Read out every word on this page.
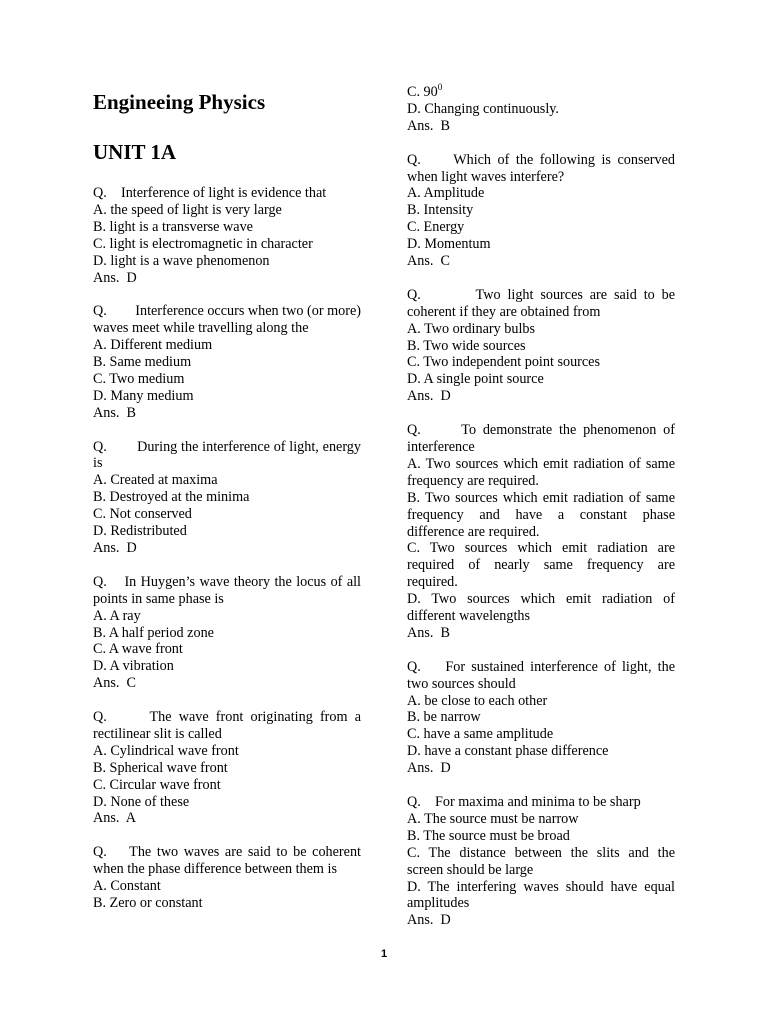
Engineeing Physics
UNIT 1A

Q.    Interference of light is evidence that

A. the speed of light is very large

B. light is a transverse wave

C. light is electromagnetic in character

D. light is a wave phenomenon

Ans.  D

Q.        Interference occurs when two (or more) waves meet while travelling along the

A. Different medium

B. Same medium

C. Two medium

D. Many medium

Ans.  B

Q.        During the interference of light, energy is

A. Created at maxima

B. Destroyed at the minima

C. Not conserved

D. Redistributed

Ans.  D

Q.    In Huygen’s wave theory the locus of all points in same phase is

A. A ray

B. A half period zone

C. A wave front

D. A vibration

Ans.  C

Q.      The wave front originating from a rectilinear slit is called

A. Cylindrical wave front

B. Spherical wave front

C. Circular wave front

D. None of these

Ans.  A

Q.    The two waves are said to be coherent when the phase difference between them is

A. Constant

B. Zero or constant

C. $90^0$

D. Changing continuously.

Ans.  B

Q.     Which of the following is conserved when light waves interfere?

A. Amplitude

B. Intensity

C. Energy

D. Momentum

Ans.  C

Q.        Two light sources are said to be coherent if they are obtained from

A. Two ordinary bulbs

B. Two wide sources

C. Two independent point sources

D. A single point source

Ans.  D

Q.      To demonstrate the phenomenon of interference

A. Two sources which emit radiation of same frequency are required.

B. Two sources which emit radiation of same frequency and have a constant phase difference are required.

C. Two sources which emit radiation are required of nearly same frequency are required.

D. Two sources which emit radiation of different wavelengths

Ans.  B

Q.    For sustained interference of light, the two sources should

A. be close to each other

B. be narrow

C. have a same amplitude

D. have a constant phase difference

Ans.  D

Q.    For maxima and minima to be sharp

A. The source must be narrow

B. The source must be broad

C. The distance between the slits and the screen should be large

D. The interfering waves should have equal amplitudes

Ans.  D

1
